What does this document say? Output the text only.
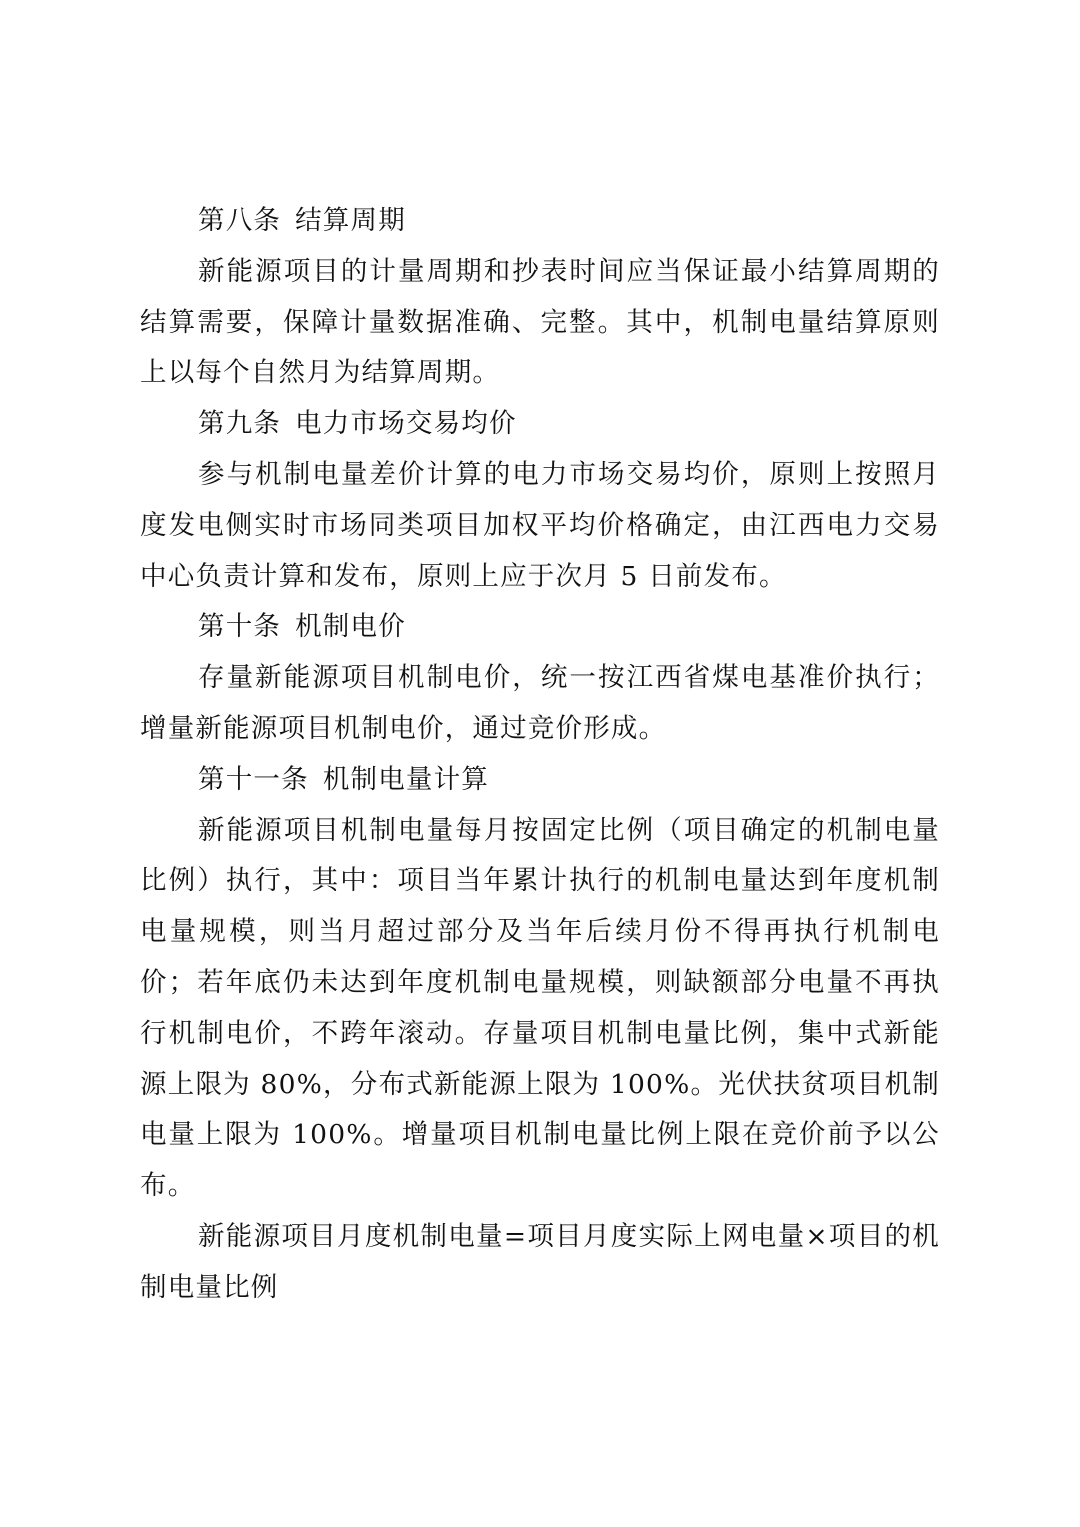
第八条 结算周期

新能源项目的计量周期和抄表时间应当保证最小结算周期的结算需要，保障计量数据准确、完整。其中，机制电量结算原则上以每个自然月为结算周期。

第九条 电力市场交易均价

参与机制电量差价计算的电力市场交易均价，原则上按照月度发电侧实时市场同类项目加权平均价格确定，由江西电力交易中心负责计算和发布，原则上应于次月 5 日前发布。

第十条 机制电价

存量新能源项目机制电价，统一按江西省煤电基准价执行；增量新能源项目机制电价，通过竞价形成。

第十一条 机制电量计算

新能源项目机制电量每月按固定比例（项目确定的机制电量比例）执行，其中：项目当年累计执行的机制电量达到年度机制电量规模，则当月超过部分及当年后续月份不得再执行机制电价；若年底仍未达到年度机制电量规模，则缺额部分电量不再执行机制电价，不跨年滚动。存量项目机制电量比例，集中式新能源上限为 80%，分布式新能源上限为 100%。光伏扶贫项目机制电量上限为 100%。增量项目机制电量比例上限在竞价前予以公布。

新能源项目月度机制电量=项目月度实际上网电量×项目的机制电量比例
